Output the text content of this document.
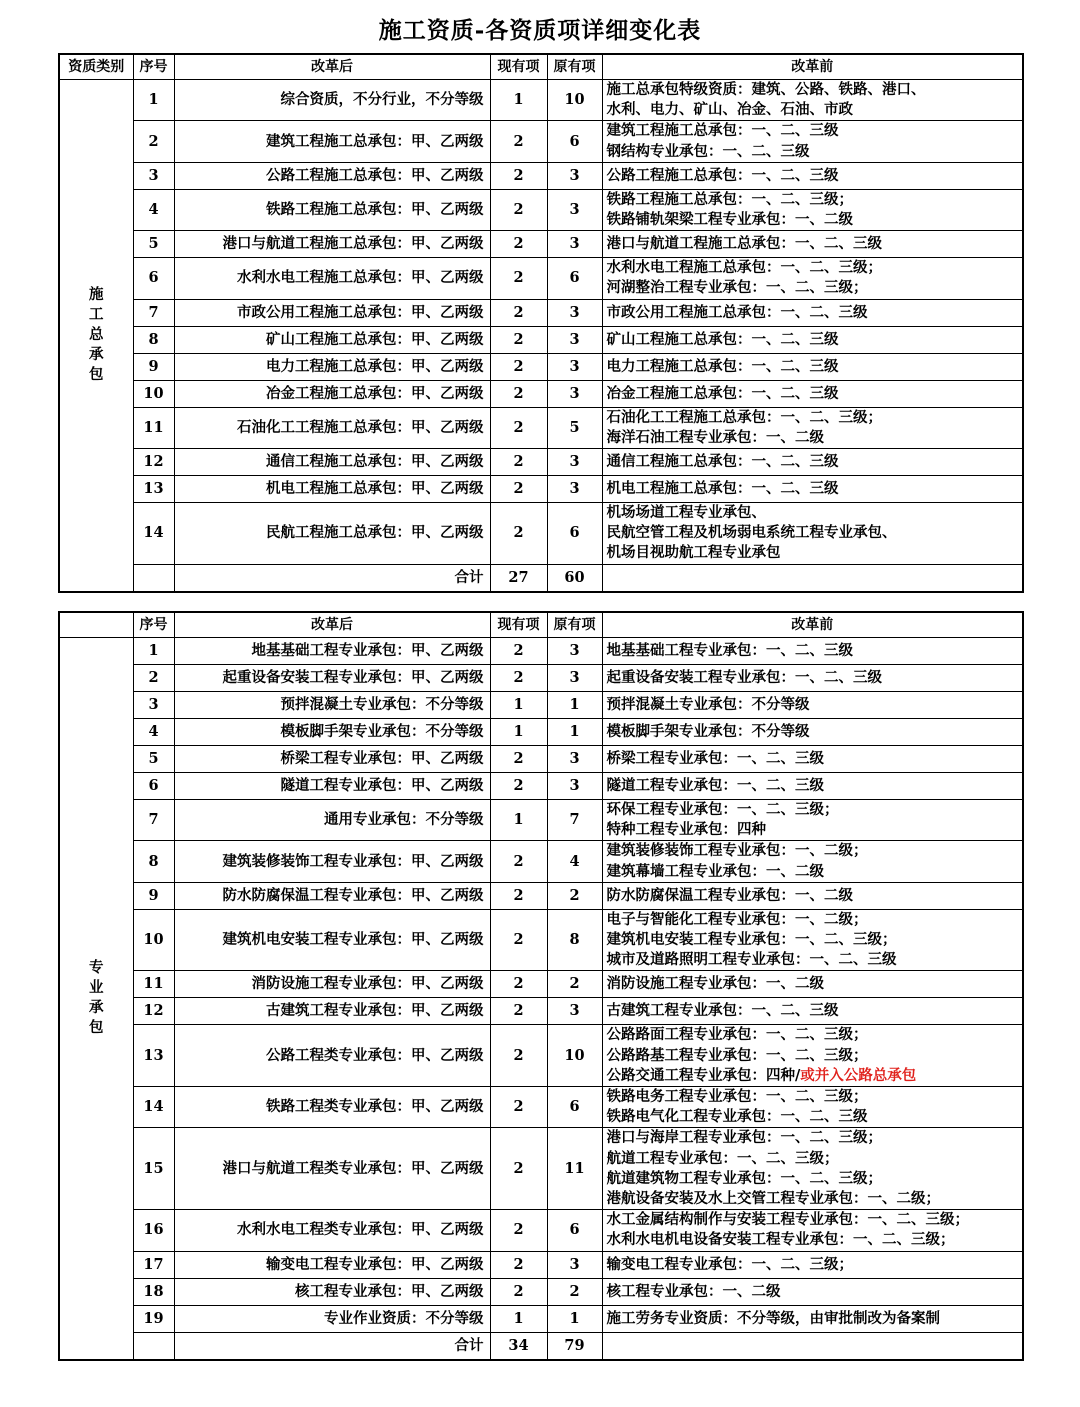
施工资质-各资质项详细变化表
资质类别	序号	改革后	现有项	原有项	改革前

施工总承包	1	综合资质，不分行业，不分等级	1	10	施工总承包特级资质：建筑、公路、铁路、港口、
水利、电力、矿山、冶金、石油、市政

	2	建筑工程施工总承包：甲、乙两级	2	6	建筑工程施工总承包：一、二、三级
钢结构专业承包：一、二、三级

	3	公路工程施工总承包：甲、乙两级	2	3	公路工程施工总承包：一、二、三级

	4	铁路工程施工总承包：甲、乙两级	2	3	铁路工程施工总承包：一、二、三级；
铁路铺轨架梁工程专业承包：一、二级

	5	港口与航道工程施工总承包：甲、乙两级	2	3	港口与航道工程施工总承包：一、二、三级

	6	水利水电工程施工总承包：甲、乙两级	2	6	水利水电工程施工总承包：一、二、三级；
河湖整治工程专业承包：一、二、三级；

	7	市政公用工程施工总承包：甲、乙两级	2	3	市政公用工程施工总承包：一、二、三级

	8	矿山工程施工总承包：甲、乙两级	2	3	矿山工程施工总承包：一、二、三级

	9	电力工程施工总承包：甲、乙两级	2	3	电力工程施工总承包：一、二、三级

	10	冶金工程施工总承包：甲、乙两级	2	3	冶金工程施工总承包：一、二、三级

	11	石油化工工程施工总承包：甲、乙两级	2	5	石油化工工程施工总承包：一、二、三级；
海洋石油工程专业承包：一、二级

	12	通信工程施工总承包：甲、乙两级	2	3	通信工程施工总承包：一、二、三级

	13	机电工程施工总承包：甲、乙两级	2	3	机电工程施工总承包：一、二、三级

	14	民航工程施工总承包：甲、乙两级	2	6	机场场道工程专业承包、
民航空管工程及机场弱电系统工程专业承包、
机场目视助航工程专业承包

		合计	27	60	
	序号	改革后	现有项	原有项	改革前

专业承包	1	地基基础工程专业承包：甲、乙两级	2	3	地基基础工程专业承包：一、二、三级

	2	起重设备安装工程专业承包：甲、乙两级	2	3	起重设备安装工程专业承包：一、二、三级

	3	预拌混凝土专业承包：不分等级	1	1	预拌混凝土专业承包：不分等级

	4	模板脚手架专业承包：不分等级	1	1	模板脚手架专业承包：不分等级

	5	桥梁工程专业承包：甲、乙两级	2	3	桥梁工程专业承包：一、二、三级

	6	隧道工程专业承包：甲、乙两级	2	3	隧道工程专业承包：一、二、三级

	7	通用专业承包：不分等级	1	7	环保工程专业承包：一、二、三级；
特种工程专业承包：四种

	8	建筑装修装饰工程专业承包：甲、乙两级	2	4	建筑装修装饰工程专业承包：一、二级；
建筑幕墙工程专业承包：一、二级

	9	防水防腐保温工程专业承包：甲、乙两级	2	2	防水防腐保温工程专业承包：一、二级

	10	建筑机电安装工程专业承包：甲、乙两级	2	8	电子与智能化工程专业承包：一、二级；
建筑机电安装工程专业承包：一、二、三级；
城市及道路照明工程专业承包：一、二、三级

	11	消防设施工程专业承包：甲、乙两级	2	2	消防设施工程专业承包：一、二级

	12	古建筑工程专业承包：甲、乙两级	2	3	古建筑工程专业承包：一、二、三级

	13	公路工程类专业承包：甲、乙两级	2	10	公路路面工程专业承包：一、二、三级；
公路路基工程专业承包：一、二、三级；
公路交通工程专业承包：四种/或并入公路总承包

	14	铁路工程类专业承包：甲、乙两级	2	6	铁路电务工程专业承包：一、二、三级；
铁路电气化工程专业承包：一、二、三级

	15	港口与航道工程类专业承包：甲、乙两级	2	11	港口与海岸工程专业承包：一、二、三级；
航道工程专业承包：一、二、三级；
航道建筑物工程专业承包：一、二、三级；
港航设备安装及水上交管工程专业承包：一、二级；

	16	水利水电工程类专业承包：甲、乙两级	2	6	水工金属结构制作与安装工程专业承包：一、二、三级；
水利水电机电设备安装工程专业承包：一、二、三级；

	17	输变电工程专业承包：甲、乙两级	2	3	输变电工程专业承包：一、二、三级；

	18	核工程专业承包：甲、乙两级	2	2	核工程专业承包：一、二级

	19	专业作业资质：不分等级	1	1	施工劳务专业资质：不分等级，由审批制改为备案制

		合计	34	79	
